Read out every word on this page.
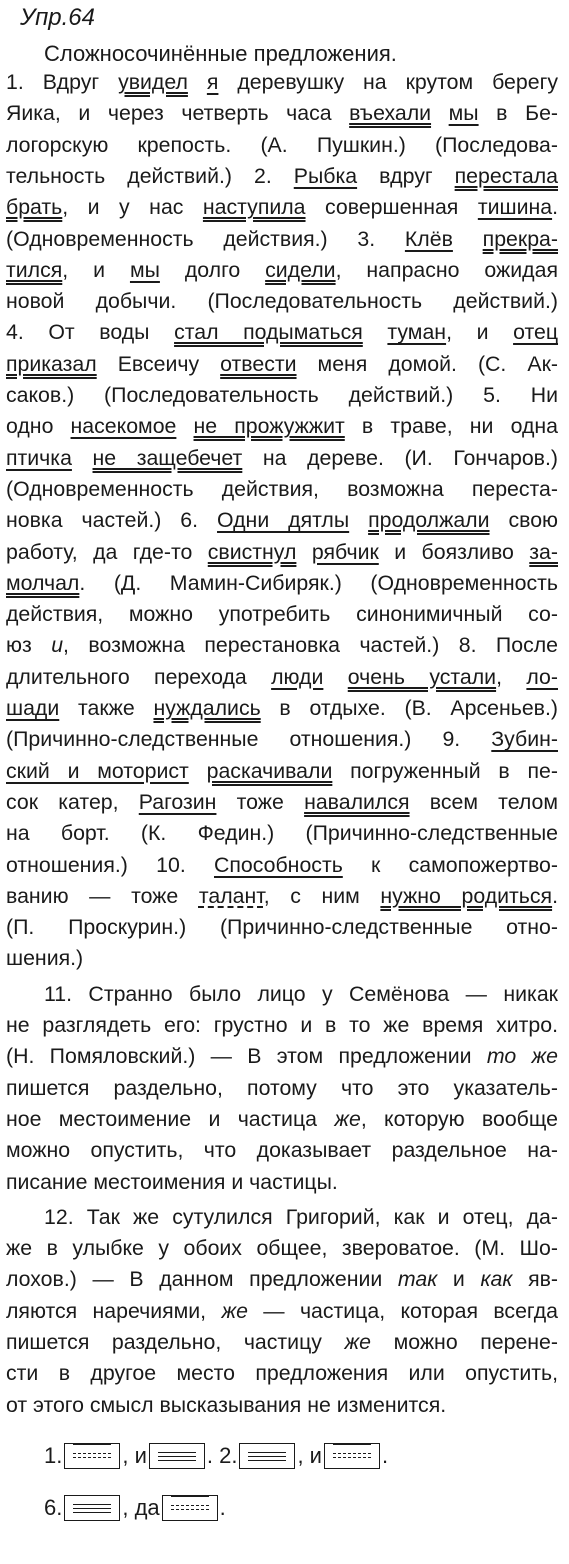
Упр.64
Сложносочинённые предложения.
1. Вдруг увидел я деревушку на крутом берегу
Яика, и через четверть часа въехали мы в Бе-
логорскую крепость. (А. Пушкин.) (Последова-
тельность действий.) 2. Рыбка вдруг перестала
брать, и у нас наступила совершенная тишина.
(Одновременность действия.) 3. Клёв прекра-
тился, и мы долго сидели, напрасно ожидая
новой добычи. (Последовательность действий.)
4. От воды стал подыматься туман, и отец
приказал Евсеичу отвести меня домой. (С. Ак-
саков.) (Последовательность действий.) 5. Ни
одно насекомое не прожужжит в траве, ни одна
птичка не защебечет на дереве. (И. Гончаров.)
(Одновременность действия, возможна переста-
новка частей.) 6. Одни дятлы продолжали свою
работу, да где-то свистнул рябчик и боязливо за-
молчал. (Д. Мамин-Сибиряк.) (Одновременность
действия, можно употребить синонимичный со-
юз и, возможна перестановка частей.) 8. После
длительного перехода люди очень устали, ло-
шади также нуждались в отдыхе. (В. Арсеньев.)
(Причинно-следственные отношения.) 9. Зубин-
ский и моторист раскачивали погруженный в пе-
сок катер, Рагозин тоже навалился всем телом
на борт. (К. Федин.) (Причинно-следственные
отношения.) 10. Способность к самопожертво-
ванию — тоже талант, с ним нужно родиться.
(П. Проскурин.) (Причинно-следственные отно-
шения.)
11. Странно было лицо у Семёнова — никак
не разглядеть его: грустно и в то же время хитро.
(Н. Помяловский.) — В этом предложении то же
пишется раздельно, потому что это указатель-
ное местоимение и частица же, которую вообще
можно опустить, что доказывает раздельное на-
писание местоимения и частицы.
12. Так же сутулился Григорий, как и отец, да-
же в улыбке у обоих общее, звероватое. (М. Шо-
лохов.) — В данном предложении так и как яв-
ляются наречиями, же — частица, которая всегда
пишется раздельно, частицу же можно перене-
сти в другое место предложения или опустить,
от этого смысл высказывания не изменится.
1.	, и	. 2.	, и	.
6.	, да	.
